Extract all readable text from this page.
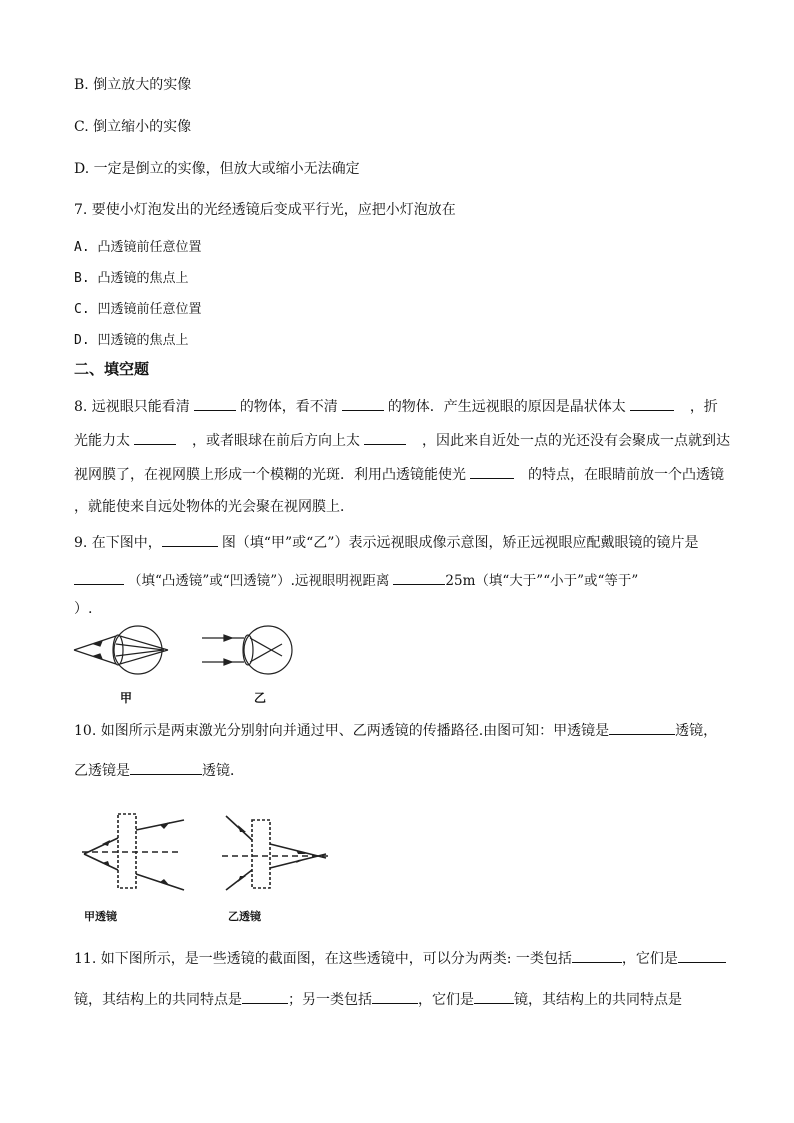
B. 倒立放大的实像
C. 倒立缩小的实像
D. 一定是倒立的实像，但放大或缩小无法确定
7. 要使小灯泡发出的光经透镜后变成平行光，应把小灯泡放在
A. 凸透镜前任意位置
B. 凸透镜的焦点上
C. 凹透镜前任意位置
D. 凹透镜的焦点上
二、填空题
8. 远视眼只能看清	的物体，看不清	的物体．产生远视眼的原因是晶状体太	，折
光能力太	，或者眼球在前后方向上太	，因此来自近处一点的光还没有会聚成一点就到达
视网膜了，在视网膜上形成一个模糊的光斑．利用凸透镜能使光	的特点，在眼睛前放一个凸透镜
，就能使来自远处物体的光会聚在视网膜上．
9. 在下图中，	图（填“甲”或“乙”）表示远视眼成像示意图，矫正远视眼应配戴眼镜的镜片是
（填“凸透镜”或“凹透镜”）.远视眼明视距离	25m（填“大于”“小于”或“等于”
）.
甲	乙
10. 如图所示是两束激光分别射向并通过甲、乙两透镜的传播路径.由图可知：甲透镜是	透镜，
乙透镜是	透镜．
甲透镜	乙透镜
11. 如下图所示，是一些透镜的截面图，在这些透镜中，可以分为两类: 一类包括	，它们是
镜，其结构上的共同特点是	；另一类包括	，它们是	镜，其结构上的共同特点是
